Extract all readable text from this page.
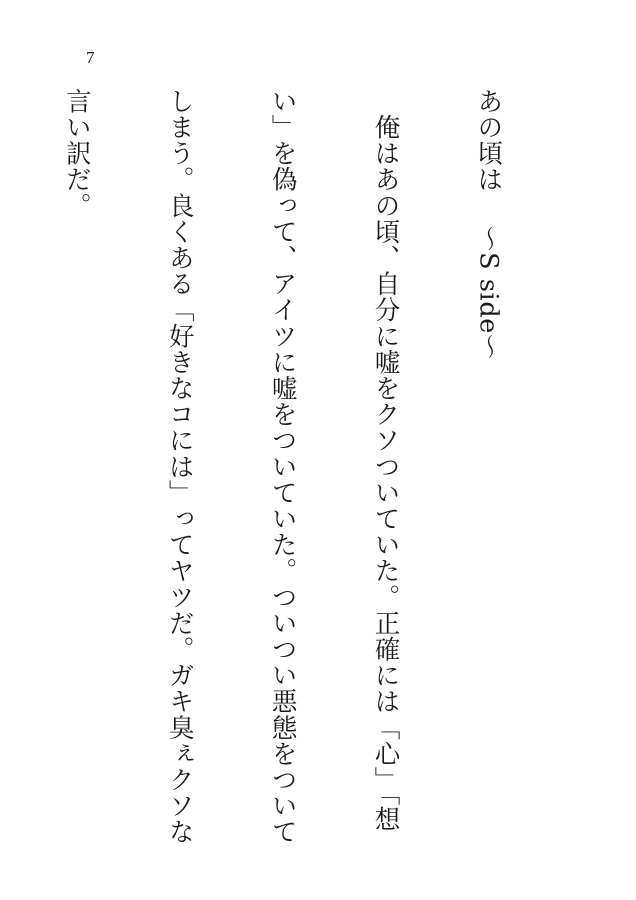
7

あの頃は〜S side〜

　俺はあの頃、自分に嘘をクソついていた。正確には「心」「想

い」を偽って、アイツに嘘をついていた。ついつい悪態をついて

しまう。良くある「好きなコには」ってヤツだ。ガキ臭ぇクソな

言い訳だ。
